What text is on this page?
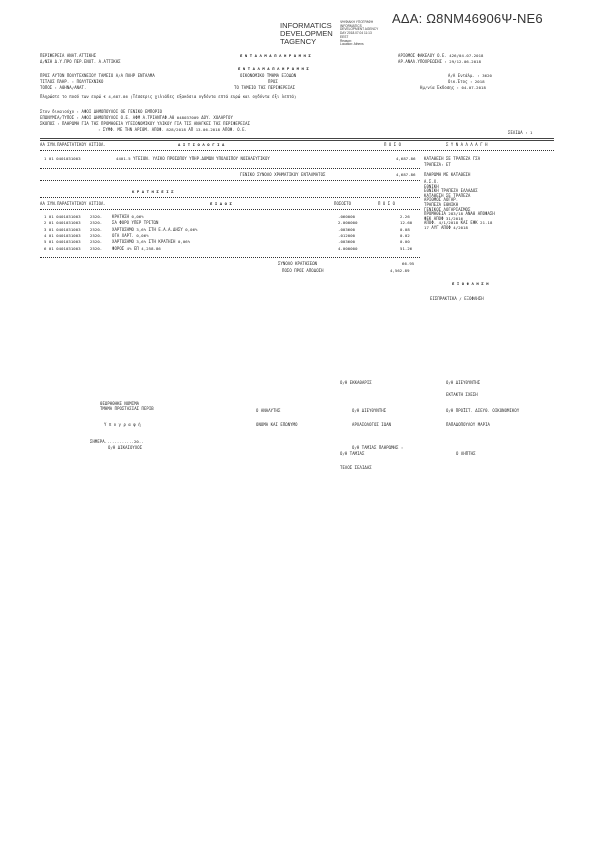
ΑΔΑ: Ω8ΝΜ46906Ψ-ΝΕ6
INFORMATICS
DEVELOPMEN
TAGENCY
ΨΗΦΙΑΚΗ ΥΠΟΓΡΑΦΗ
INFORMATICS
DEVELOPMENT AGENCY
DAY 2018.07.04 11:13
EEST
Reason:
Location: Athens
ΠΕΡΙΦΕΡΕΙΑ ΑΝΑΤ.ΑΤΤΙΚΗΣ
Δ/ΝΣΗ Δ.Υ.ΠΡΟ ΠΕΡ.ΕΝΟΤ. Α.ΑΤΤΙΚΗΣ
Ε Ν Τ Α Λ Μ Α Π Λ Η Ρ Ω Μ Η Σ	ΑΡΙΘΜΟΣ ΦΑΚΕΛΟΥ Ο.Ε. 426/04.07.2018
ΑΡ.ΑΝΑΛ.ΥΠΟΧΡΕΩΣΗΣ : 29/12.06.2018
Ε Ν Τ Α Λ Μ Α Π Λ Η Ρ Ω Μ Η Σ
ΠΡΟΣ ΑΥΤΟΝ ΠΟΛΥΤΕΧΝΕΙΟΥ ΤΑΜΕΙΟ Α/Α ΠΛΗΡ ΕΝΤΑΛΜΑ	ΟΙΚΟΝΟΜΙΚΟ ΤΜΗΜΑ ΕΞΟΔΩΝ	Α/Α Εντάλμ. : 3620
ΤΙΤΛΟΣ ΠΛΗΡ. : ΠΟΛΥΤΕΧΝΙΚΟ	ΠΡΟΣ	Οικ.Έτος : 2018
ΤΟΠΟΣ : ΑΘΗΝΑ/ΑΝΑΤ.	ΤΟ ΤΑΜΕΙΟ ΤΗΣ ΠΕΡΙΦΕΡΕΙΑΣ	Ημ/νία Έκδοσης : 04.07.2018
Πληρώστε το ποσό των ευρώ € 4,687.86 (Τέσσερις χιλιάδες εξακόσια ογδόντα επτά ευρώ και ογδόντα έξι λεπτά)
Στον δικαιούχο : ΑΦΟΙ ΔΗΜΟΠΟΥΛΟΙ ΟΕ ΓΕΝΙΚΟ ΕΜΠΟΡΙΟ
ΕΠΩΝΥΜΙΑ/ΤΥΠΟΣ : ΑΦΟΙ ΔΗΜΟΠΟΥΛΟΙ Ο.Ε. ΑΦΜ Α.ΤΡΙΑΝΤΑΦ.ΑΘ 048037009 ΔΟΥ. ΧΟΛΑΡΓΟΥ
ΣΚΟΠΟΣ : ΠΛΗΡΩΜΗ ΓΙΑ ΤΗΣ ΠΡΟΜΗΘΕΙΑ ΥΓΕΙΟΝΟΜΙΚΟΥ ΥΛΙΚΟΥ ΓΙΑ ΤΙΣ ΑΝΑΓΚΕΣ ΤΗΣ ΠΕΡΙΦΕΡΕΙΑΣ
: ΣΥΜΦ. ΜΕ ΤΗΝ ΑΡΙΘΜ. ΑΠΟΦ. 828/2018 ΑΠ 13.06.2018 ΑΠΟΦ. Ο.Ε.
ΣΕΛΙΔΑ : 1
ΑΑ ΣΥΝ.ΠΑΡΑΣΤΑΤΙΚΟΥ ΑΙΤΙΟΛ.	Α Ι Τ Ι Ο Λ Ο Γ Ι Α	Π Ο Σ Ο	Σ Υ Ν Α Λ Λ Α Γ Η
1 01 0401031003	4401.5 ΥΓΕΙΟΝ. ΥΛΙΚΟ ΠΡΟΣΩΠΟΥ ΥΠΗΡ.ΔΟΜΩΝ ΥΠΟΛΟΙΠΟΥ ΝΟΣΗΛΕΥΤΙΚΟΥ	4,687.86 ΚΑΤΑΘΕΣΗ ΣΕ ΤΡΑΠΕΖΑ ΓΣΑ
ΤΡΑΠΕΖΑ: ΕΤ
ΓΕΝΙΚΟ ΣΥΝΟΛΟ ΧΡΗΜΑΤΙΚΟΥ ΕΝΤΑΛΜΑΤΟΣ	4,687.86 ΠΛΗΡΩΜΗ ΜΕ ΚΑΤΑΘΕΣΗ
Α.Σ.Χ.
ΕΘΝΙΚΗ
ΕΘΝΙΚΗ ΤΡΑΠΕΖΑ ΕΛΛΑΔΟΣ
ΚΑΤΑΘΕΣΗ ΣΕ ΤΡΑΠΕΖΑ
ΑΡΙΘΜΟΣ ΛΟΓΑΡ.
ΤΡΑΠΕΖΑ ΕΘΝΙΚΗ
ΓΕΝΙΚΟΣ ΛΟΓΑΡΙΑΣΜΟΣ
ΠΡΟΜΗΘΕΙΑ 283/18 ΑΝΑΘ ΑΠΟΦΑΣΗ
ΦΕΚ ΑΠΟΦ 31/2016
ΑΠΟΦ. 4/1/2018 ΚΑΙ ΕΦΚ 21.18
17 ΑΥΓ ΑΠΟΦ 4/2018
Κ Ρ Α Τ Η Σ Ε Ι Σ
ΑΑ ΣΥΝ.ΠΑΡΑΣΤΑΤΙΚΟΥ ΑΙΤΙΟΛ.	Ε Ι Δ Ο Σ	ΠΟΣΟΣΤΟ	Π Ο Σ Ο
1 01 0401031003 2520.	ΚΡΑΤΗΣΗ 0,06%	.060000	2.26
2 01 0401031003 2520.	ΣΑ ΦΟΡΟ ΥΠΕΡ ΤΡΙΤΩΝ	2.000000	12.60
3 01 0401031003 2520.	ΧΑΡΤΟΣΗΜΟ 3,6% ΣΤΗ Ε.Α.Α.ΔΗΣΥ 0,06%	.003600	0.08
4 01 0401031003 2520.	ΟΓΑ ΧΑΡΤ. 0,06%	.012000	0.02
5 01 0401031003 2520.	ΧΑΡΤΟΣΗΜΟ 3,6% ΣΤΗ ΚΡΑΤΗΣΗ 0,06%	.003600	0.00
6 01 0401031003 2520.	ΦΟΡΟΣ 4% ΕΠ 4,258.86	4.000000	51.26
ΣΥΝΟΛΟ ΚΡΑΤΗΣΕΩΝ	66.95
ΠΟΣΟ ΠΡΟΣ ΑΠΟΔΟΣΗ	4,562.89
Ε Ξ Ο Φ Λ Η Σ Η
ΕΙΣΠΡΑΚΤΙΚΑ / ΕΞΟΦΛΗΣΗ
Ο/Η ΕΚΚΑΘΑΡΙΣ	Ο/Η ΔΙΕΥΘΥΝΤΗΣ
ΕΚΤΑΚΤΗ ΣΧΕΣΗ
ΘΕΩΡΗΘΗΚΕ ΝΟΜΙΜΑ
ΤΜΗΜΑ ΠΡΟΣΤΑΣΙΑΣ ΠΕΡΙΒ	Ο ΑΝΑΛΥΤΗΣ	Ο/Η ΔΙΕΥΘΥΝΤΗΣ	Ο/Η ΠΡΟΪΣΤ. ΔΙΕΥΘ. ΟΙΚΟΝΟΜΙΚΟΥ
Υ π ο γ ρ α φ ή	ΟΝΟΜΑ ΚΑΙ ΕΠΩΝΥΜΟ	ΑΡΧΑΙΟΛΟΓΟΣ ΙΩΑΝ	ΠΑΠΑΔΟΠΟΥΛΟΥ ΜΑΡΙΑ
ΣΗΜΕΡΑ............20..
Ο/Η ΔΙΚΑΙΟΥΧΟΣ	Ο/Η ΤΑΜΙΑΣ ΠΛΗΡΩΜΗΣ :
Ο/Η ΤΑΜΙΑΣ	Ο ΛΗΠΤΗΣ
ΤΕΛΟΣ ΣΕΛΙΔΑΣ
